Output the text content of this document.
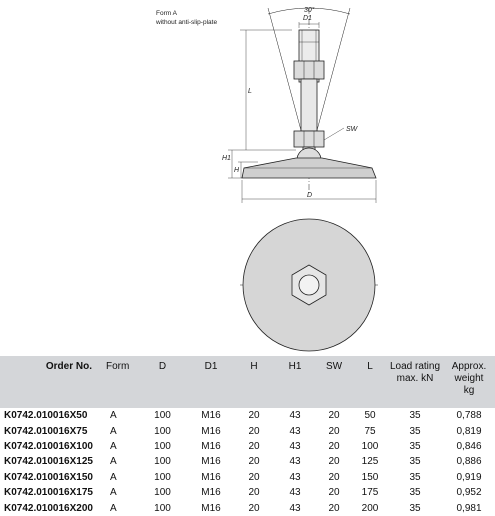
Form A
without anti-slip-plate
30°
D1
L
SW
H1
H
D
Order No.	Form	D	D1	H	H1	SW	L	Load rating
max. kN	Approx.
weight
kg
K0742.010016X50	A	100	M16	20	43	20	50	35	0,788
K0742.010016X75	A	100	M16	20	43	20	75	35	0,819
K0742.010016X100	A	100	M16	20	43	20	100	35	0,846
K0742.010016X125	A	100	M16	20	43	20	125	35	0,886
K0742.010016X150	A	100	M16	20	43	20	150	35	0,919
K0742.010016X175	A	100	M16	20	43	20	175	35	0,952
K0742.010016X200	A	100	M16	20	43	20	200	35	0,981
